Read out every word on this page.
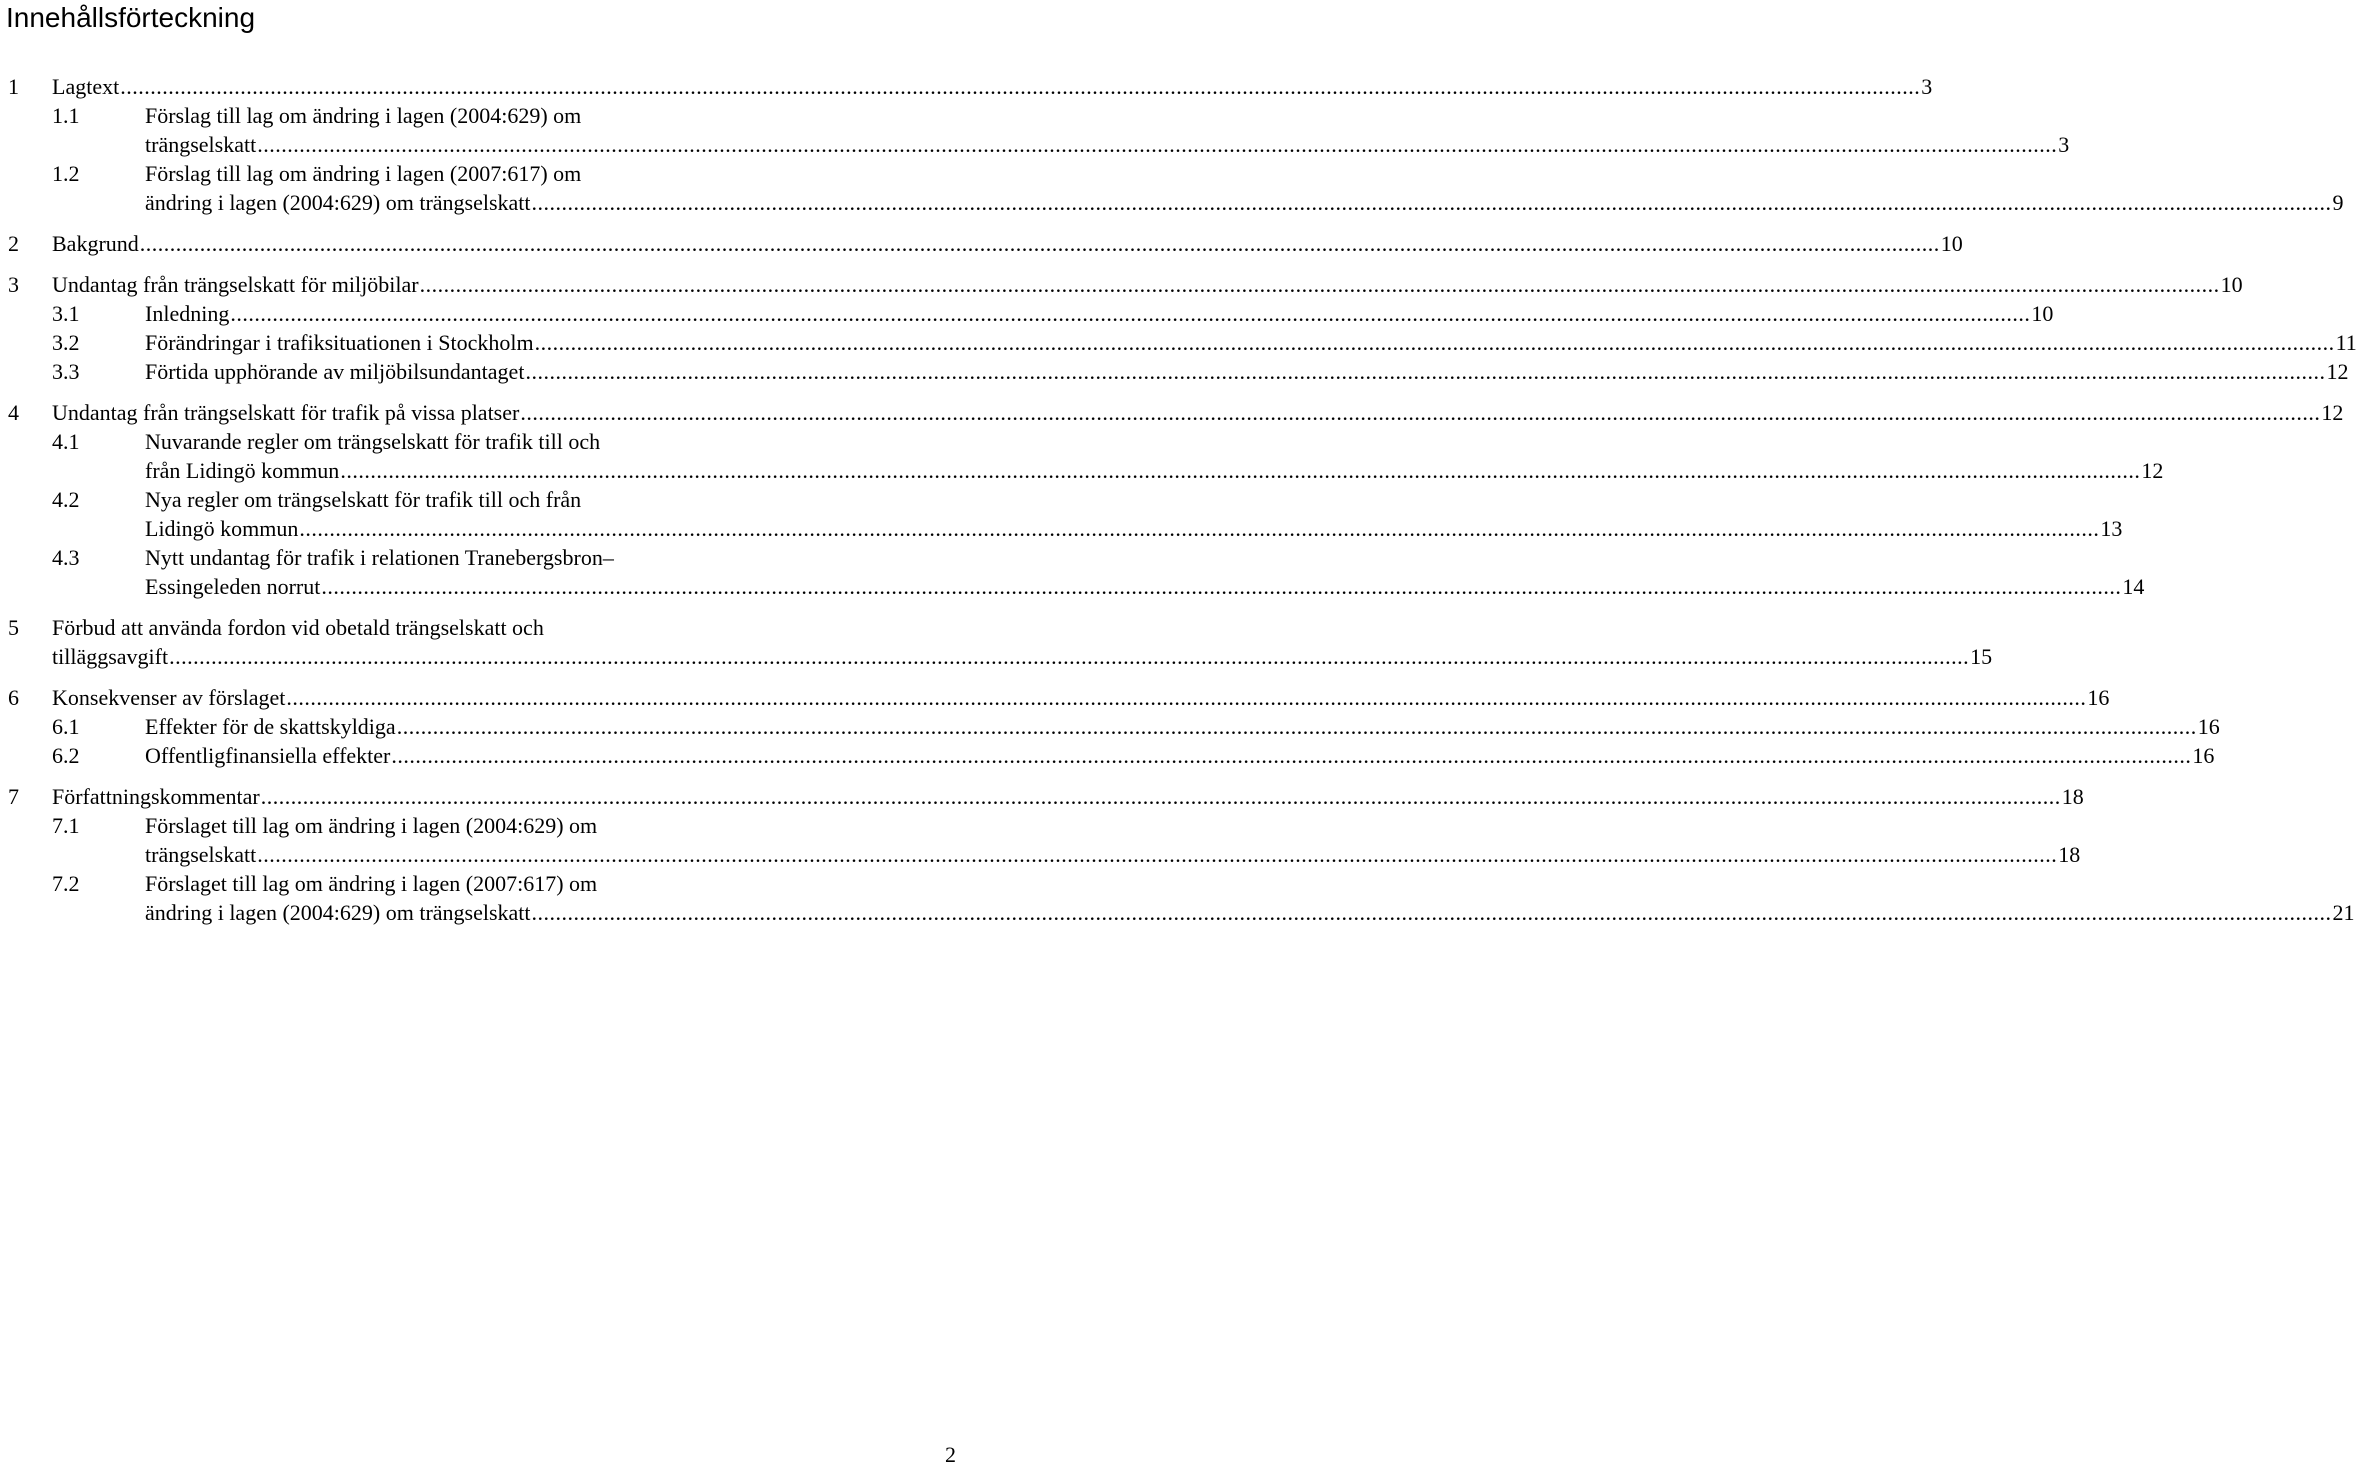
Innehållsförteckning
1 Lagtext ............................................................................................................................................................................................................................................................................................................ 3
1.1	Förslag till lag om ändring i lagen (2004:629) om
trängselskatt ............................................................................................................................................................................................................................................................................................................ 3
1.2	Förslag till lag om ändring i lagen (2007:617) om
ändring i lagen (2004:629) om trängselskatt ............................................................................................................................................................................................................................................................................................................ 9
2 Bakgrund ............................................................................................................................................................................................................................................................................................................ 10
3 Undantag från trängselskatt för miljöbilar ............................................................................................................................................................................................................................................................................................................ 10
3.1	Inledning ............................................................................................................................................................................................................................................................................................................ 10
3.2	Förändringar i trafiksituationen i Stockholm ............................................................................................................................................................................................................................................................................................................ 11
3.3	Förtida upphörande av miljöbilsundantaget ............................................................................................................................................................................................................................................................................................................ 12
4 Undantag från trängselskatt för trafik på vissa platser ............................................................................................................................................................................................................................................................................................................ 12
4.1	Nuvarande regler om trängselskatt för trafik till och
från Lidingö kommun ............................................................................................................................................................................................................................................................................................................ 12
4.2	Nya regler om trängselskatt för trafik till och från
Lidingö kommun ............................................................................................................................................................................................................................................................................................................ 13
4.3	Nytt undantag för trafik i relationen Tranebergsbron–
Essingeleden norrut ............................................................................................................................................................................................................................................................................................................ 14
5 Förbud att använda fordon vid obetald trängselskatt och
tilläggsavgift ............................................................................................................................................................................................................................................................................................................ 15
6 Konsekvenser av förslaget ............................................................................................................................................................................................................................................................................................................ 16
6.1	Effekter för de skattskyldiga ............................................................................................................................................................................................................................................................................................................ 16
6.2	Offentligfinansiella effekter ............................................................................................................................................................................................................................................................................................................ 16
7 Författningskommentar ............................................................................................................................................................................................................................................................................................................ 18
7.1	Förslaget till lag om ändring i lagen (2004:629) om
trängselskatt ............................................................................................................................................................................................................................................................................................................ 18
7.2	Förslaget till lag om ändring i lagen (2007:617) om
ändring i lagen (2004:629) om trängselskatt ............................................................................................................................................................................................................................................................................................................ 21
2
